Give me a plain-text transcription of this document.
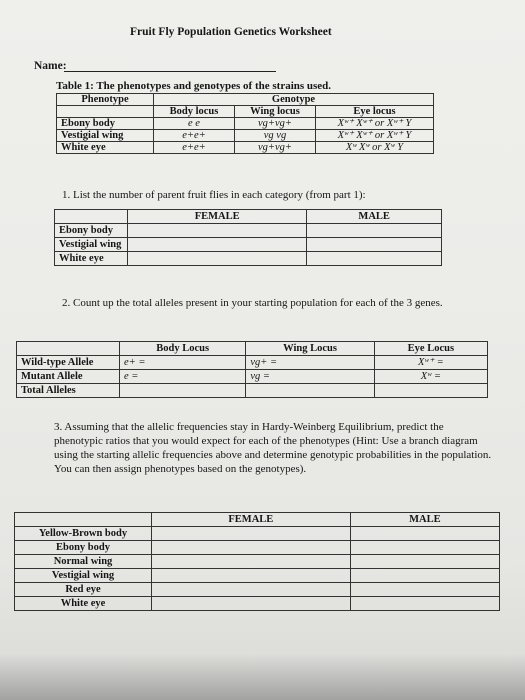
Fruit Fly Population Genetics Worksheet
Name:
Table 1: The phenotypes and genotypes of the strains used.
Phenotype	Genotype		
	Body locus	Wing locus	Eye locus
Ebony body	e e	vg+vg+	Xʷ⁺ Xʷ⁺ or Xʷ⁺ Y
Vestigial wing	e+e+	vg vg	Xʷ⁺ Xʷ⁺ or Xʷ⁺ Y
White eye	e+e+	vg+vg+	Xʷ Xʷ or Xʷ Y
1. List the number of parent fruit flies in each category (from part 1):
	FEMALE	MALE
Ebony body		
Vestigial wing		
White eye		
2. Count up the total alleles present in your starting population for each of the 3 genes.
	Body Locus	Wing Locus	Eye Locus
Wild-type Allele	e+ =	vg+ =	Xʷ⁺ =
Mutant Allele	e =	vg =	Xʷ =
Total Alleles			
3. Assuming that the allelic frequencies stay in Hardy-Weinberg Equilibrium, predict the phenotypic ratios that you would expect for each of the phenotypes (Hint: Use a branch diagram using the starting allelic frequencies above and determine genotypic probabilities in the population. You can then assign phenotypes based on the genotypes).
	FEMALE	MALE
Yellow-Brown body		
Ebony body		
Normal wing		
Vestigial wing		
Red eye		
White eye		
